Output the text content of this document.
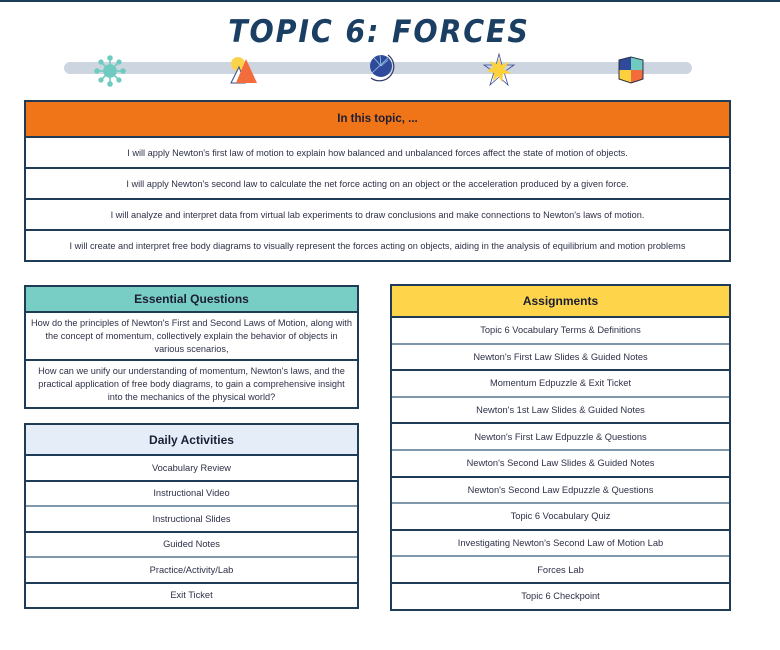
TOPIC 6: FORCES
In this topic, ...
I will apply Newton's first law of motion to explain how balanced and unbalanced forces affect the state of motion of objects.
I will apply Newton's second law to calculate the net force acting on an object or the acceleration produced by a given force.
I will analyze and interpret data from virtual lab experiments to draw conclusions and make connections to Newton's laws of motion.
I will create and interpret free body diagrams to visually represent the forces acting on objects, aiding in the analysis of equilibrium and motion problems
Essential Questions
How do the principles of Newton's First and Second Laws of Motion, along with the concept of momentum, collectively explain the behavior of objects in various scenarios,
How can we unify our understanding of momentum, Newton's laws, and the practical application of free body diagrams, to gain a comprehensive insight into the mechanics of the physical world?
Daily Activities
Vocabulary Review
Instructional Video
Instructional Slides
Guided Notes
Practice/Activity/Lab
Exit Ticket
Assignments
Topic 6 Vocabulary Terms & Definitions
Newton's First Law Slides & Guided Notes
Momentum Edpuzzle & Exit Ticket
Newton's 1st Law Slides & Guided Notes
Newton's First Law Edpuzzle & Questions
Newton's Second Law Slides & Guided Notes
Newton's Second Law Edpuzzle & Questions
Topic 6 Vocabulary Quiz
Investigating Newton's Second Law of Motion Lab
Forces Lab
Topic 6 Checkpoint
